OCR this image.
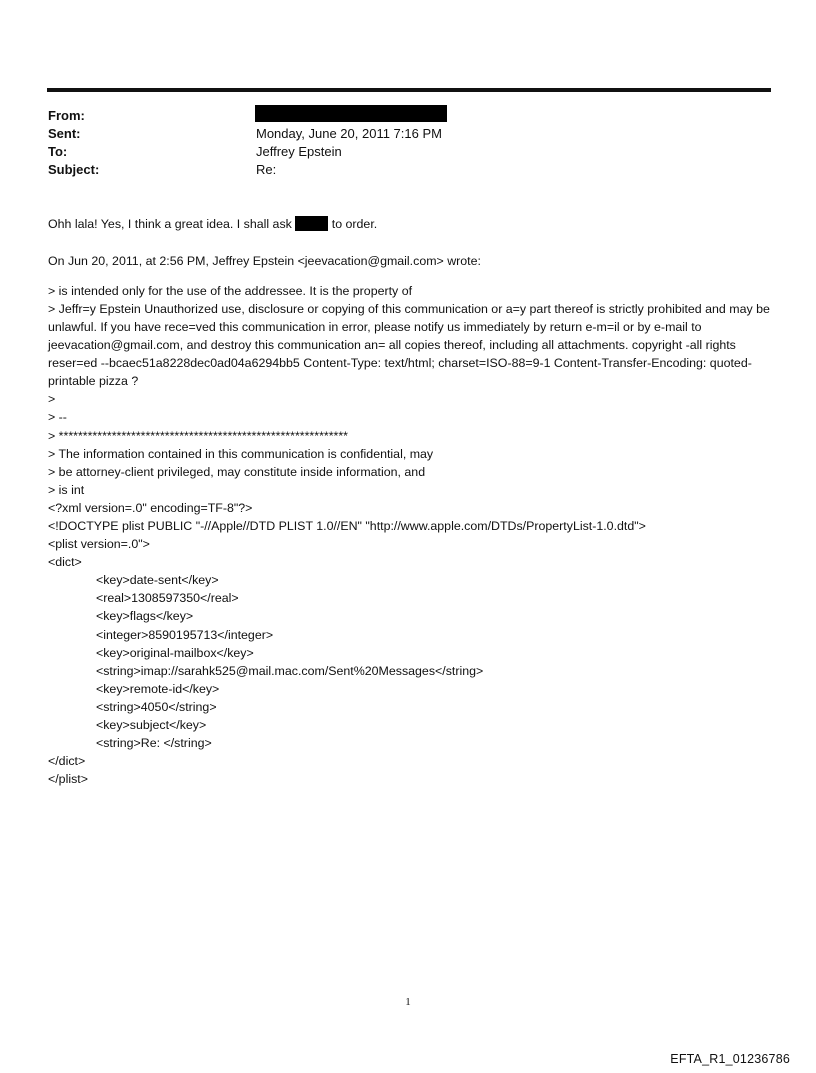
From:
Sent:
To:
Subject:
Monday, June 20, 2011 7:16 PM
Jeffrey Epstein
Re:
Ohh lala! Yes, I think a great idea. I shall ask	to order.
On Jun 20, 2011, at 2:56 PM, Jeffrey Epstein <jeevacation@gmail.com> wrote:
> is intended only for the use of the addressee. It is the property of
> Jeffr=y Epstein Unauthorized use, disclosure or copying of this communication or a=y part thereof is strictly prohibited and may be unlawful. If you have rece=ved this communication in error, please notify us immediately by return e-m=il or by e-mail to jeevacation@gmail.com, and destroy this communication an= all copies thereof, including all attachments. copyright -all rights reser=ed --bcaec51a8228dec0ad04a6294bb5 Content-Type: text/html; charset=ISO-88=9-1 Content-Transfer-Encoding: quoted-printable pizza ?
>
> --
> ************************************************************
> The information contained in this communication is confidential, may
> be attorney-client privileged, may constitute inside information, and
> is int
<?xml version=.0" encoding=TF-8"?>
<!DOCTYPE plist PUBLIC "-//Apple//DTD PLIST 1.0//EN" "http://www.apple.com/DTDs/PropertyList-1.0.dtd">
<plist version=.0">
<dict>
<key>date-sent</key>
<real>1308597350</real>
<key>flags</key>
<integer>8590195713</integer>
<key>original-mailbox</key>
<string>imap://sarahk525@mail.mac.com/Sent%20Messages</string>
<key>remote-id</key>
<string>4050</string>
<key>subject</key>
<string>Re: </string>
</dict>
</plist>
1
EFTA_R1_01236786
